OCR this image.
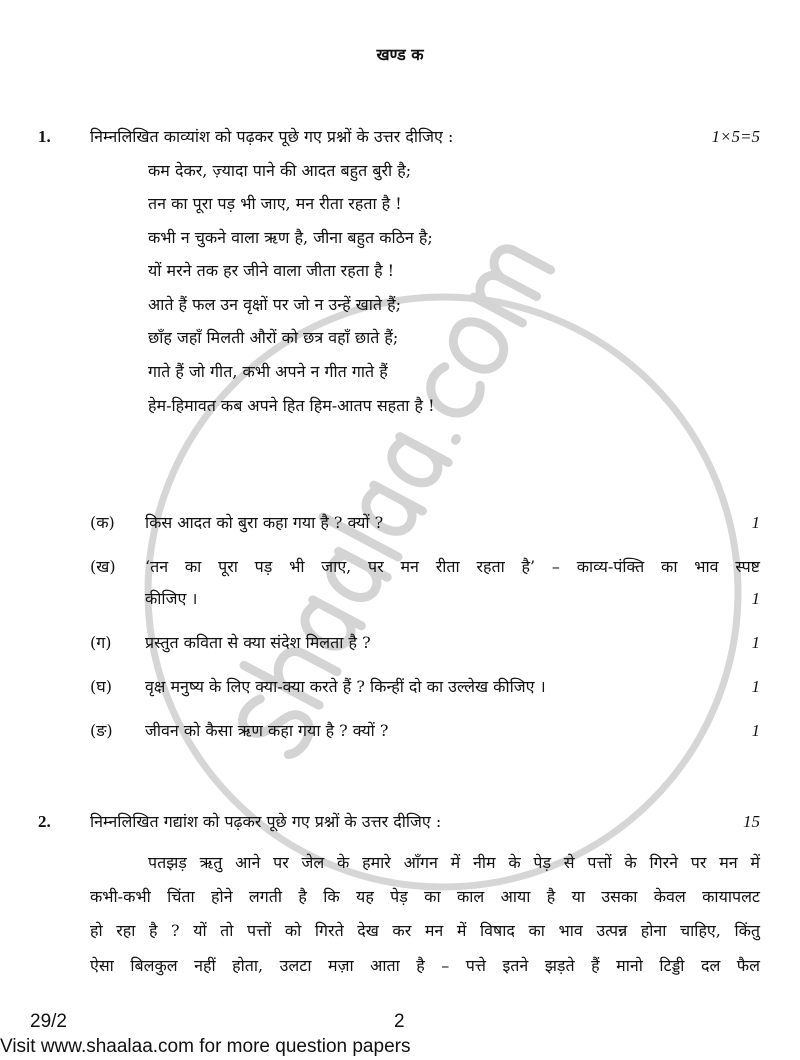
खण्ड क
1. निम्नलिखित काव्यांश को पढ़कर पूछे गए प्रश्नों के उत्तर दीजिए :	1×5=5
कम देकर, ज़्यादा पाने की आदत बहुत बुरी है;
तन का पूरा पड़ भी जाए, मन रीता रहता है !
कभी न चुकने वाला ऋण है, जीना बहुत कठिन है;
यों मरने तक हर जीने वाला जीता रहता है !
आते हैं फल उन वृक्षों पर जो न उन्हें खाते हैं;
छाँह जहाँ मिलती औरों को छत्र वहाँ छाते हैं;
गाते हैं जो गीत, कभी अपने न गीत गाते हैं
हेम-हिमावत कब अपने हित हिम-आतप सहता है !
(क) किस आदत को बुरा कहा गया है ? क्यों ?	1
(ख) ‘तन का पूरा पड़ भी जाए, पर मन रीता रहता है’ – काव्य-पंक्ति का भाव स्पष्ट
कीजिए ।	1
(ग) प्रस्तुत कविता से क्या संदेश मिलता है ?	1
(घ) वृक्ष मनुष्य के लिए क्या-क्या करते हैं ? किन्हीं दो का उल्लेख कीजिए ।	1
(ङ) जीवन को कैसा ऋण कहा गया है ? क्यों ?	1
2. निम्नलिखित गद्यांश को पढ़कर पूछे गए प्रश्नों के उत्तर दीजिए :	15
पतझड़ ऋतु आने पर जेल के हमारे आँगन में नीम के पेड़ से पत्तों के गिरने पर मन में
कभी-कभी चिंता होने लगती है कि यह पेड़ का काल आया है या उसका केवल कायापलट
हो रहा है ? यों तो पत्तों को गिरते देख कर मन में विषाद का भाव उत्पन्न होना चाहिए, किंतु
ऐसा बिलकुल नहीं होता, उलटा मज़ा आता है – पत्ते इतने झड़ते हैं मानो टिड्डी दल फैल
29/2	2
Visit www.shaalaa.com for more question papers
